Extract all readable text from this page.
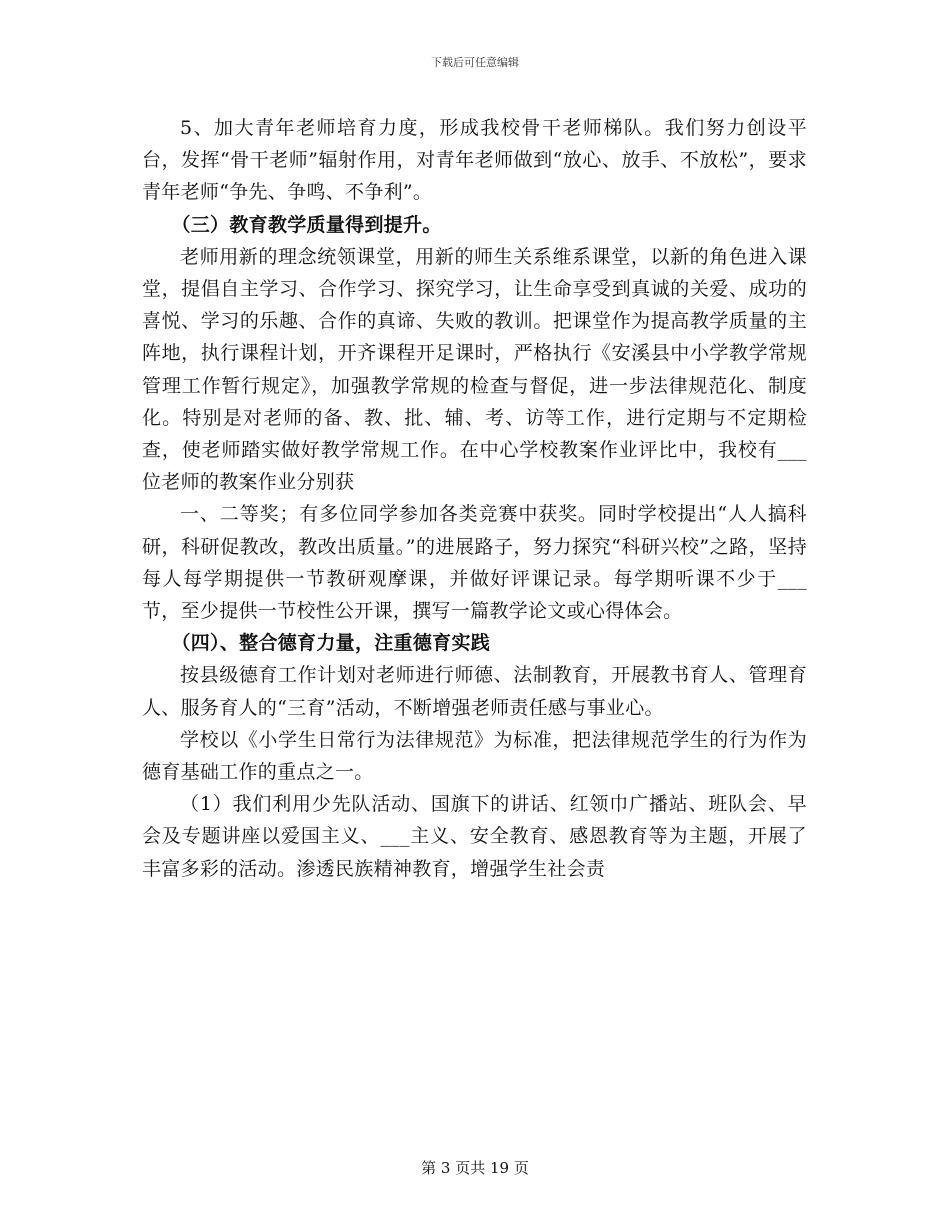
下载后可任意编辑

5、加大青年老师培育力度，形成我校骨干老师梯队。我们努力创设平台，发挥“骨干老师”辐射作用，对青年老师做到“放心、放手、不放松”，要求青年老师“争先、争鸣、不争利”。

（三）教育教学质量得到提升。

老师用新的理念统领课堂，用新的师生关系维系课堂，以新的角色进入课堂，提倡自主学习、合作学习、探究学习，让生命享受到真诚的关爱、成功的喜悦、学习的乐趣、合作的真谛、失败的教训。把课堂作为提高教学质量的主阵地，执行课程计划，开齐课程开足课时，严格执行《安溪县中小学教学常规管理工作暂行规定》，加强教学常规的检查与督促，进一步法律规范化、制度化。特别是对老师的备、教、批、辅、考、访等工作，进行定期与不定期检查，使老师踏实做好教学常规工作。在中心学校教案作业评比中，我校有___位老师的教案作业分别获

一、二等奖；有多位同学参加各类竞赛中获奖。同时学校提出“人人搞科研，科研促教改，教改出质量。”的进展路子，努力探究“科研兴校”之路，坚持每人每学期提供一节教研观摩课，并做好评课记录。每学期听课不少于___节，至少提供一节校性公开课，撰写一篇教学论文或心得体会。

（四）、整合德育力量，注重德育实践

按县级德育工作计划对老师进行师德、法制教育，开展教书育人、管理育人、服务育人的“三育”活动，不断增强老师责任感与事业心。

学校以《小学生日常行为法律规范》为标准，把法律规范学生的行为作为德育基础工作的重点之一。

（1）我们利用少先队活动、国旗下的讲话、红领巾广播站、班队会、早会及专题讲座以爱国主义、___主义、安全教育、感恩教育等为主题，开展了丰富多彩的活动。渗透民族精神教育，增强学生社会责

第 3 页共 19 页
